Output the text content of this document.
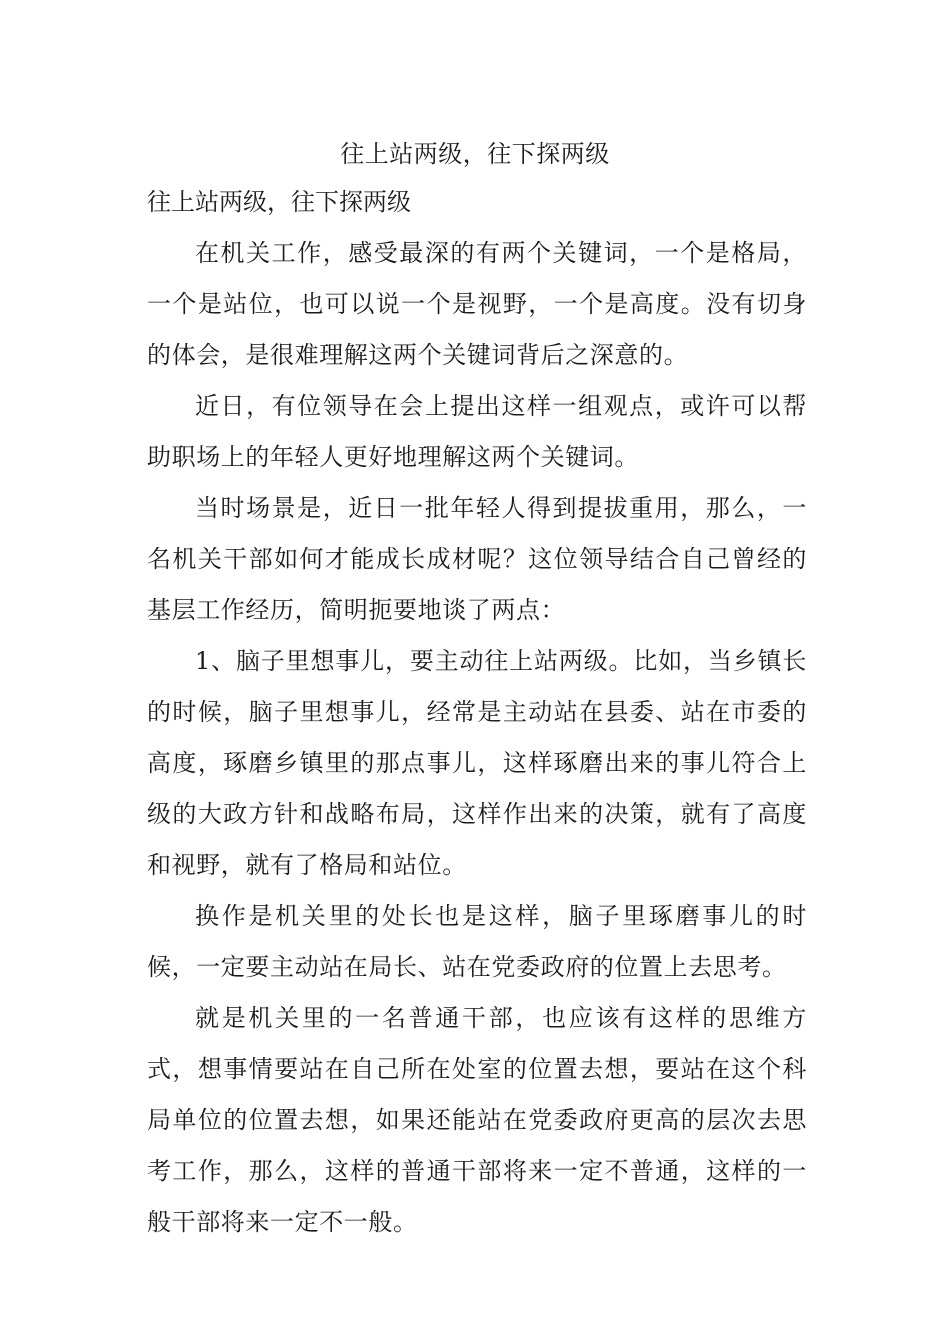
往上站两级，往下探两级

往上站两级，往下探两级

在机关工作，感受最深的有两个关键词，一个是格局，一个是站位，也可以说一个是视野，一个是高度。没有切身的体会，是很难理解这两个关键词背后之深意的。

近日，有位领导在会上提出这样一组观点，或许可以帮助职场上的年轻人更好地理解这两个关键词。

当时场景是，近日一批年轻人得到提拔重用，那么，一名机关干部如何才能成长成材呢？这位领导结合自己曾经的基层工作经历，简明扼要地谈了两点：

1、脑子里想事儿，要主动往上站两级。比如，当乡镇长的时候，脑子里想事儿，经常是主动站在县委、站在市委的高度，琢磨乡镇里的那点事儿，这样琢磨出来的事儿符合上级的大政方针和战略布局，这样作出来的决策，就有了高度和视野，就有了格局和站位。

换作是机关里的处长也是这样，脑子里琢磨事儿的时候，一定要主动站在局长、站在党委政府的位置上去思考。

就是机关里的一名普通干部，也应该有这样的思维方式，想事情要站在自己所在处室的位置去想，要站在这个科局单位的位置去想，如果还能站在党委政府更高的层次去思考工作，那么，这样的普通干部将来一定不普通，这样的一般干部将来一定不一般。
